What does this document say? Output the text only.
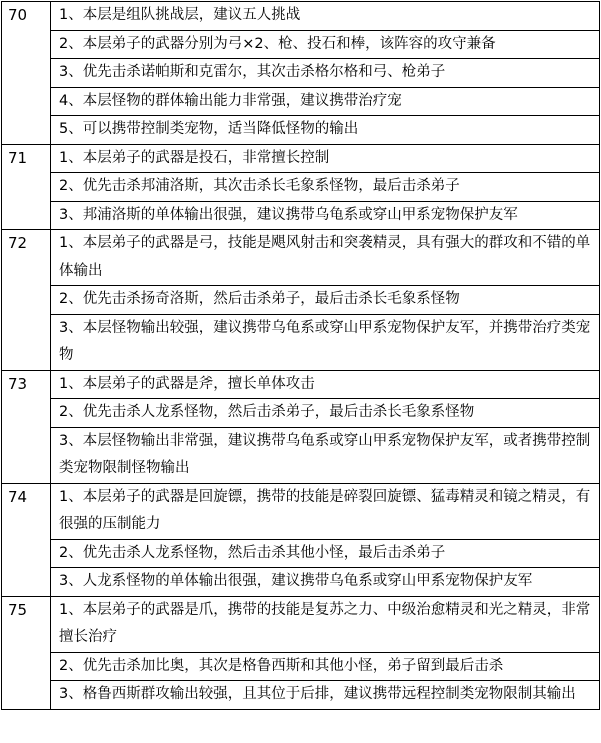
70	1、本层是组队挑战层，建议五人挑战
2、本层弟子的武器分别为弓×2、枪、投石和棒，该阵容的攻守兼备
3、优先击杀诺帕斯和克雷尔，其次击杀格尔格和弓、枪弟子
4、本层怪物的群体输出能力非常强，建议携带治疗宠
5、可以携带控制类宠物，适当降低怪物的输出
71	1、本层弟子的武器是投石，非常擅长控制
2、优先击杀邦浦洛斯，其次击杀长毛象系怪物，最后击杀弟子
3、邦浦洛斯的单体输出很强，建议携带乌龟系或穿山甲系宠物保护友军
72	1、本层弟子的武器是弓，技能是飓风射击和突袭精灵，具有强大的群攻和不错的单体输出
2、优先击杀扬奇洛斯，然后击杀弟子，最后击杀长毛象系怪物
3、本层怪物输出较强，建议携带乌龟系或穿山甲系宠物保护友军，并携带治疗类宠物
73	1、本层弟子的武器是斧，擅长单体攻击
2、优先击杀人龙系怪物，然后击杀弟子，最后击杀长毛象系怪物
3、本层怪物输出非常强，建议携带乌龟系或穿山甲系宠物保护友军，或者携带控制类宠物限制怪物输出
74	1、本层弟子的武器是回旋镖，携带的技能是碎裂回旋镖、猛毒精灵和镜之精灵，有很强的压制能力
2、优先击杀人龙系怪物，然后击杀其他小怪，最后击杀弟子
3、人龙系怪物的单体输出很强，建议携带乌龟系或穿山甲系宠物保护友军
75	1、本层弟子的武器是爪，携带的技能是复苏之力、中级治愈精灵和光之精灵，非常擅长治疗
2、优先击杀加比奥，其次是格鲁西斯和其他小怪，弟子留到最后击杀
3、格鲁西斯群攻输出较强，且其位于后排，建议携带远程控制类宠物限制其输出
